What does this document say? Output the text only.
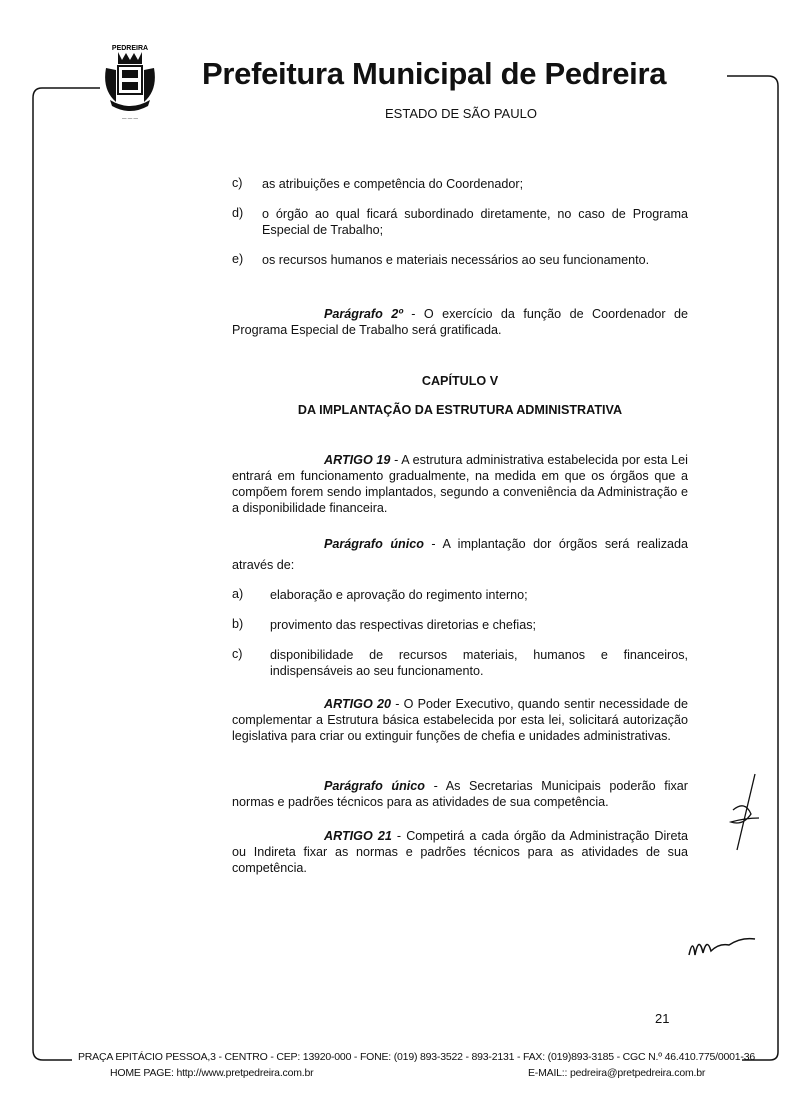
PEDREIRA
— — —
Prefeitura Municipal de Pedreira
ESTADO DE SÃO PAULO
c) as atribuições e competência do Coordenador;
d) o órgão ao qual ficará subordinado diretamente, no caso de Programa Especial de Trabalho;
e) os recursos humanos e materiais necessários ao seu funcionamento.
Parágrafo 2º - O exercício da função de Coordenador de Programa Especial de Trabalho será gratificada.
CAPÍTULO V
DA IMPLANTAÇÃO DA ESTRUTURA ADMINISTRATIVA
ARTIGO 19 - A estrutura administrativa estabelecida por esta Lei entrará em funcionamento gradualmente, na medida em que os órgãos que a compõem forem sendo implantados, segundo a conveniência da Administração e a disponibilidade financeira.
Parágrafo único - A implantação dor órgãos será realizada através de:
a) elaboração e aprovação do regimento interno;
b) provimento das respectivas diretorias e chefias;
c) disponibilidade de recursos materiais, humanos e financeiros, indispensáveis ao seu funcionamento.
ARTIGO 20 - O Poder Executivo, quando sentir necessidade de complementar a Estrutura básica estabelecida por esta lei, solicitará autorização legislativa para criar ou extinguir funções de chefia e unidades administrativas.
Parágrafo único - As Secretarias Municipais poderão fixar normas e padrões técnicos para as atividades de sua competência.
ARTIGO 21 - Competirá a cada órgão da Administração Direta ou Indireta fixar as normas e padrões técnicos para as atividades de sua competência.
21
PRAÇA EPITÁCIO PESSOA,3 - CENTRO - CEP: 13920-000 - FONE: (019) 893-3522 - 893-2131 - FAX: (019)893-3185 - CGC N.º 46.410.775/0001-36
HOME PAGE: http://www.pretpedreira.com.br	E-MAIL:: pedreira@pretpedreira.com.br
